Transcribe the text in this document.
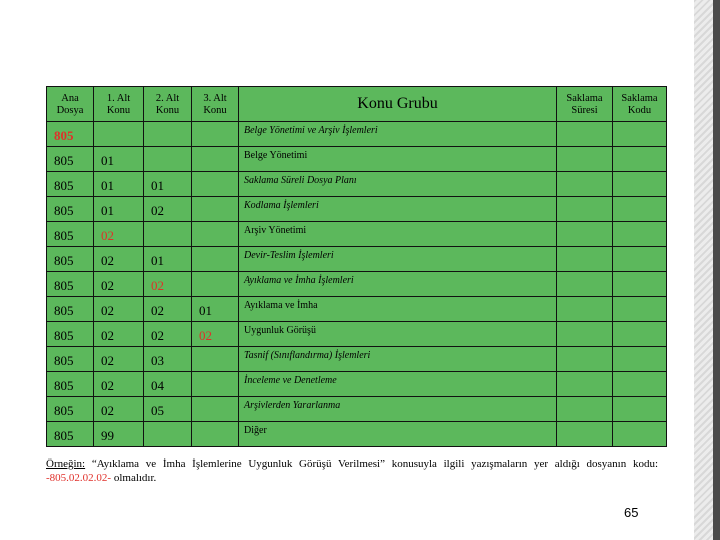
Ana Dosya	1. Alt Konu	2. Alt Konu	3. Alt Konu	Konu Grubu	Saklama Süresi	Saklama Kodu
805				Belge Yönetimi ve Arşiv İşlemleri		
805	01			Belge Yönetimi		
805	01	01		Saklama Süreli Dosya Planı		
805	01	02		Kodlama İşlemleri		
805	02			Arşiv Yönetimi		
805	02	01		Devir-Teslim İşlemleri		
805	02	02		Ayıklama ve İmha İşlemleri		
805	02	02	01	Ayıklama ve İmha		
805	02	02	02	Uygunluk Görüşü		
805	02	03		Tasnif (Sınıflandırma) İşlemleri		
805	02	04		İnceleme ve Denetleme		
805	02	05		Arşivlerden Yararlanma		
805	99			Diğer		
Örneğin: “Ayıklama ve İmha İşlemlerine Uygunluk Görüşü Verilmesi” konusuyla ilgili yazışmaların yer aldığı dosyanın kodu: -805.02.02.02- olmalıdır.
65
